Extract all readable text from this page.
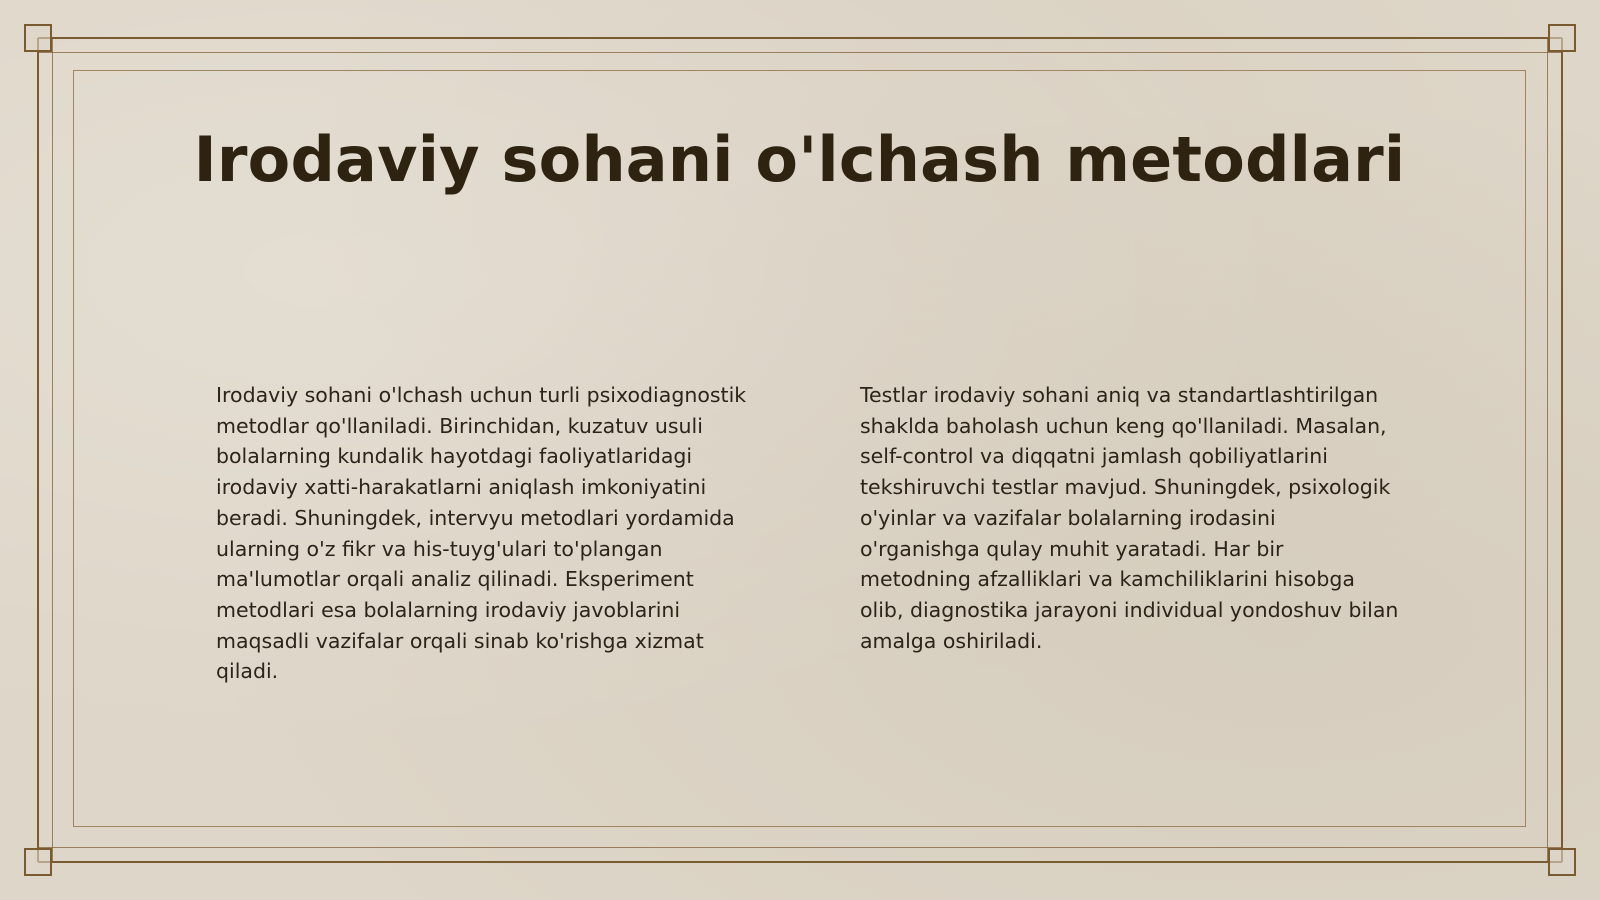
Irodaviy sohani o'lchash metodlari

Irodaviy sohani o'lchash uchun turli psixodiagnostik metodlar qo'llaniladi. Birinchidan, kuzatuv usuli bolalarning kundalik hayotdagi faoliyatlaridagi irodaviy xatti-harakatlarni aniqlash imkoniyatini beradi. Shuningdek, intervyu metodlari yordamida ularning o'z fikr va his-tuyg'ulari to'plangan ma'lumotlar orqali analiz qilinadi. Eksperiment metodlari esa bolalarning irodaviy javoblarini maqsadli vazifalar orqali sinab ko'rishga xizmat qiladi.

Testlar irodaviy sohani aniq va standartlashtirilgan shaklda baholash uchun keng qo'llaniladi. Masalan, self-control va diqqatni jamlash qobiliyatlarini tekshiruvchi testlar mavjud. Shuningdek, psixologik o'yinlar va vazifalar bolalarning irodasini o'rganishga qulay muhit yaratadi. Har bir metodning afzalliklari va kamchiliklarini hisobga olib, diagnostika jarayoni individual yondoshuv bilan amalga oshiriladi.
